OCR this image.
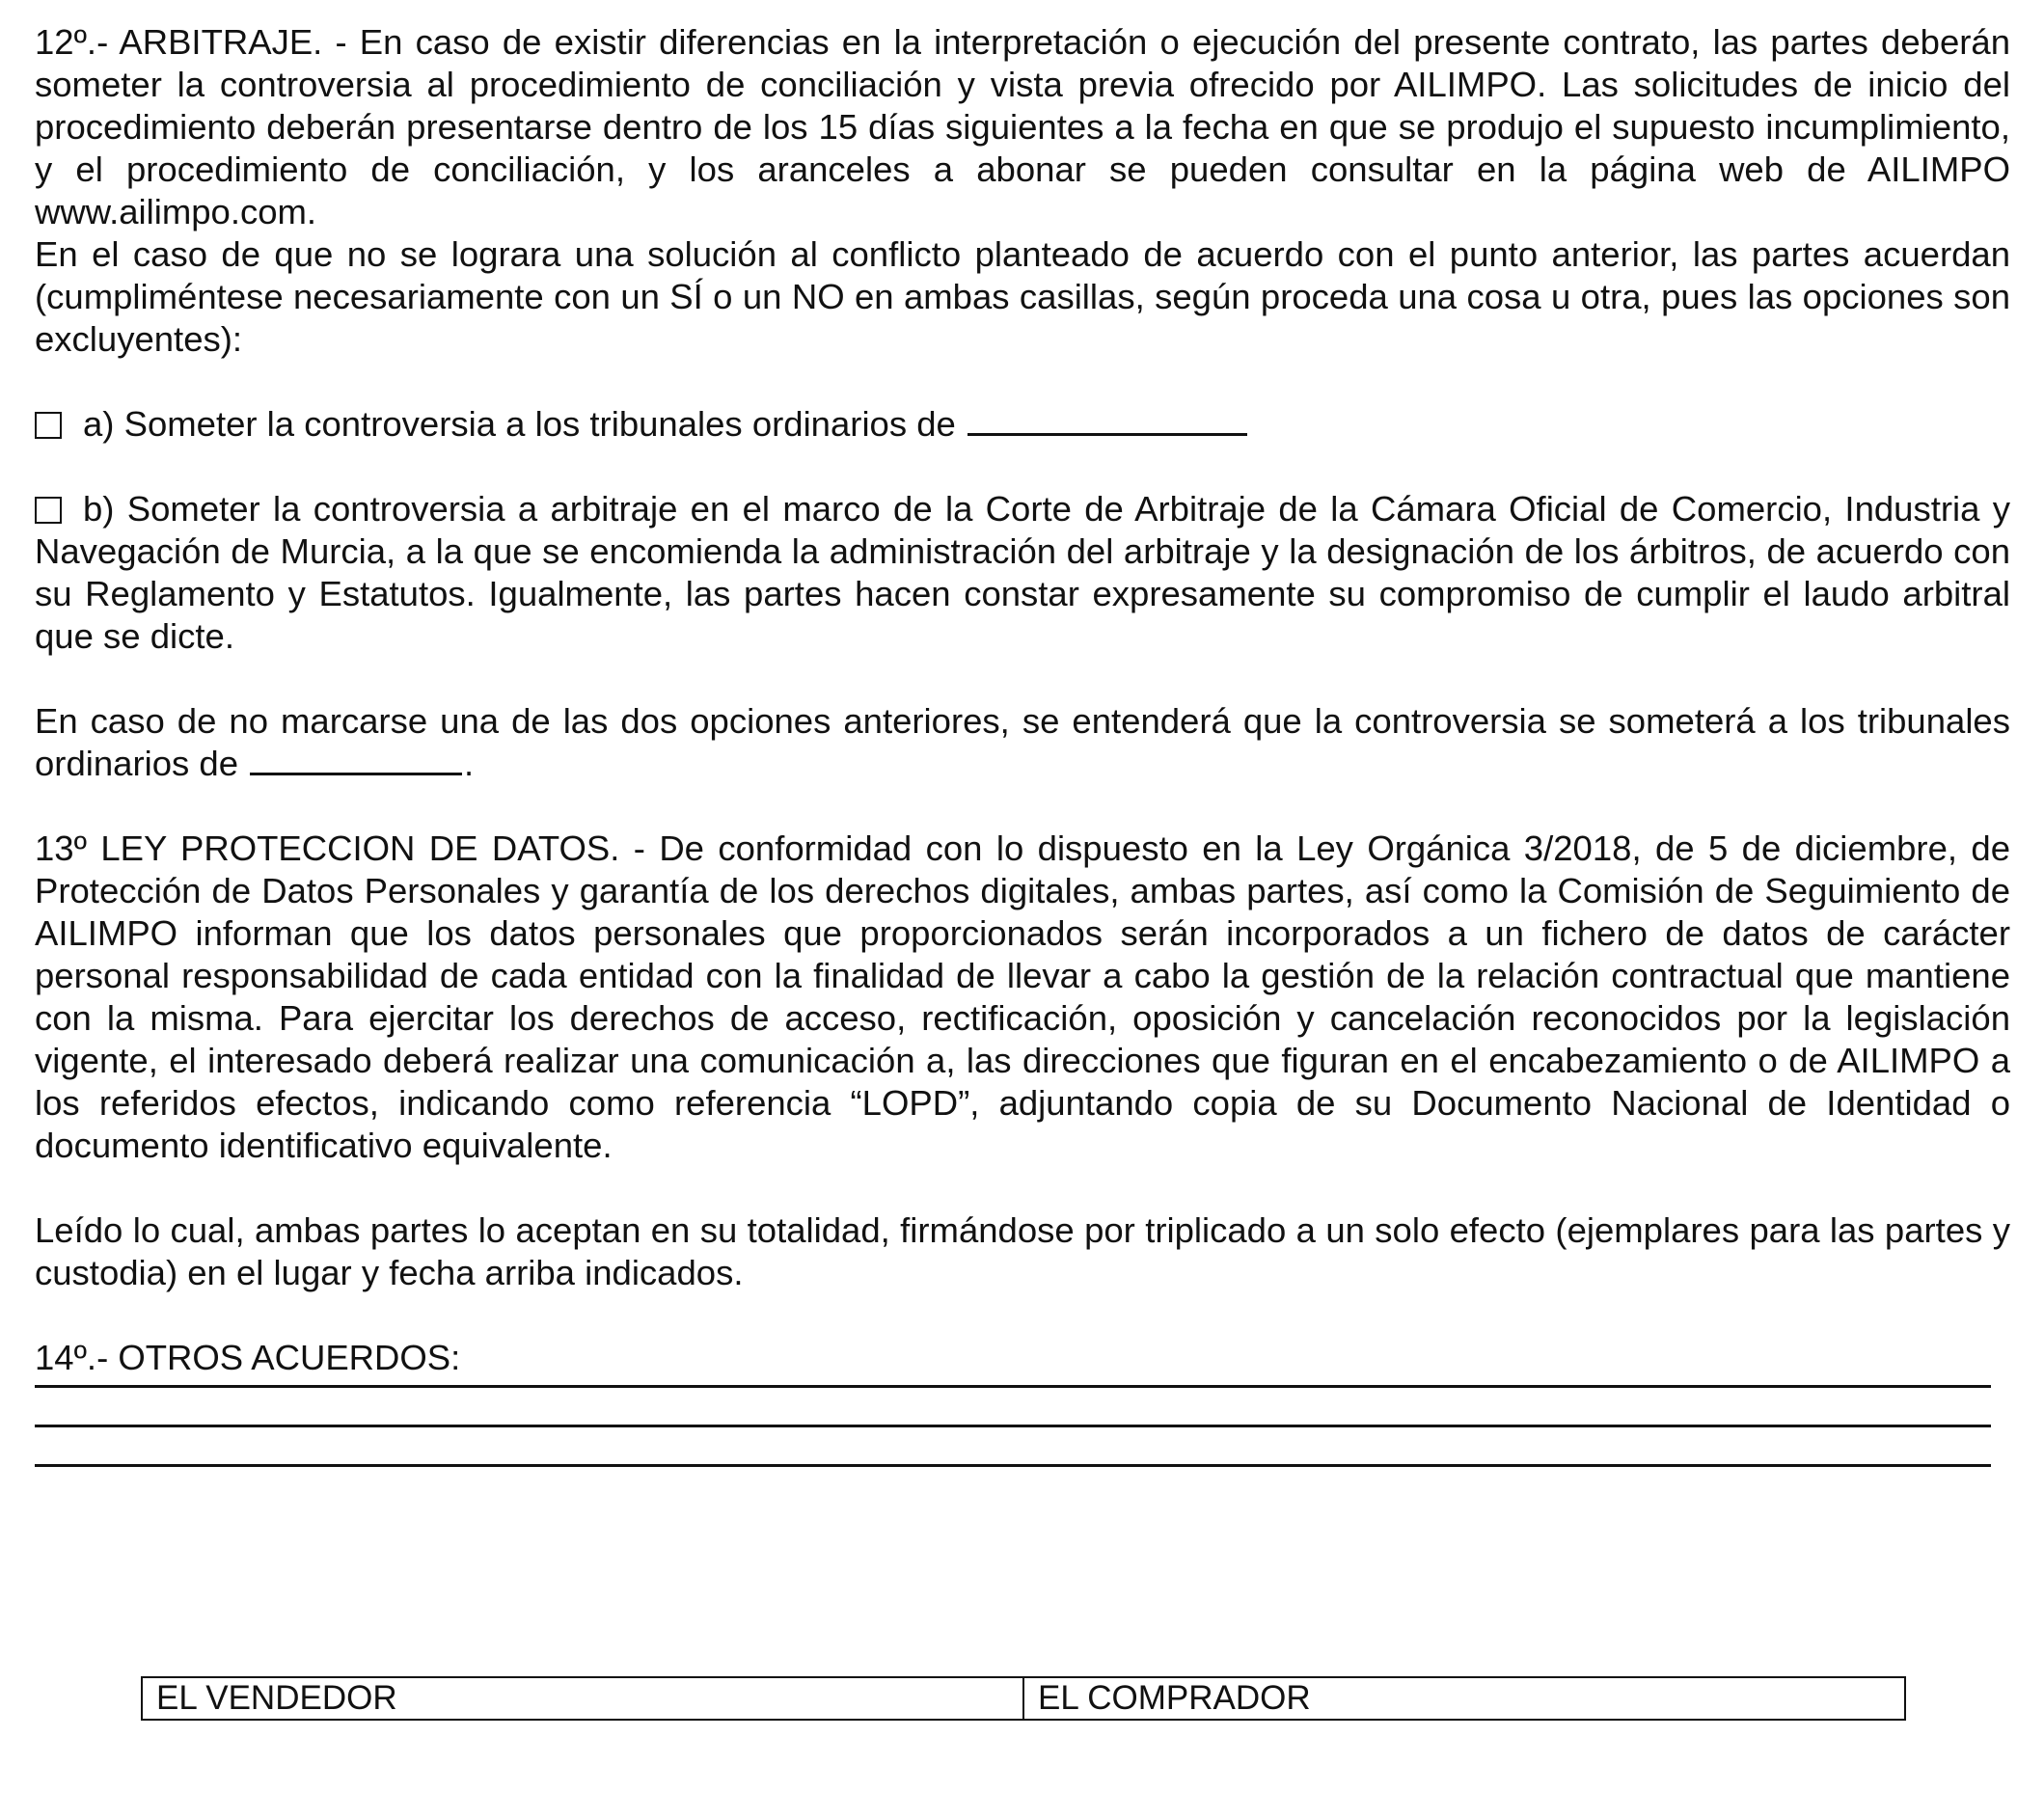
12º.- ARBITRAJE. - En caso de existir diferencias en la interpretación o ejecución del presente contrato, las partes deberán someter la controversia al procedimiento de conciliación y vista previa ofrecido por AILIMPO. Las solicitudes de inicio del procedimiento deberán presentarse dentro de los 15 días siguientes a la fecha en que se produjo el supuesto incumplimiento, y el procedimiento de conciliación, y los aranceles a abonar se pueden consultar en la página web de AILIMPO www.ailimpo.com.

En el caso de que no se lograra una solución al conflicto planteado de acuerdo con el punto anterior, las partes acuerdan (cumpliméntese necesariamente con un SÍ o un NO en ambas casillas, según proceda una cosa u otra, pues las opciones son excluyentes):

a) Someter la controversia a los tribunales ordinarios de

b) Someter la controversia a arbitraje en el marco de la Corte de Arbitraje de la Cámara Oficial de Comercio, Industria y Navegación de Murcia, a la que se encomienda la administración del arbitraje y la designación de los árbitros, de acuerdo con su Reglamento y Estatutos. Igualmente, las partes hacen constar expresamente su compromiso de cumplir el laudo arbitral que se dicte.

En caso de no marcarse una de las dos opciones anteriores, se entenderá que la controversia se someterá a los tribunales ordinarios de	.

13º LEY PROTECCION DE DATOS. - De conformidad con lo dispuesto en la Ley Orgánica 3/2018, de 5 de diciembre, de Protección de Datos Personales y garantía de los derechos digitales, ambas partes, así como la Comisión de Seguimiento de AILIMPO informan que los datos personales que proporcionados serán incorporados a un fichero de datos de carácter personal responsabilidad de cada entidad con la finalidad de llevar a cabo la gestión de la relación contractual que mantiene con la misma. Para ejercitar los derechos de acceso, rectificación, oposición y cancelación reconocidos por la legislación vigente, el interesado deberá realizar una comunicación a, las direcciones que figuran en el encabezamiento o de AILIMPO a los referidos efectos, indicando como referencia “LOPD”, adjuntando copia de su Documento Nacional de Identidad o documento identificativo equivalente.

Leído lo cual, ambas partes lo aceptan en su totalidad, firmándose por triplicado a un solo efecto (ejemplares para las partes y custodia) en el lugar y fecha arriba indicados.

14º.- OTROS ACUERDOS:

EL VENDEDOR	EL COMPRADOR
